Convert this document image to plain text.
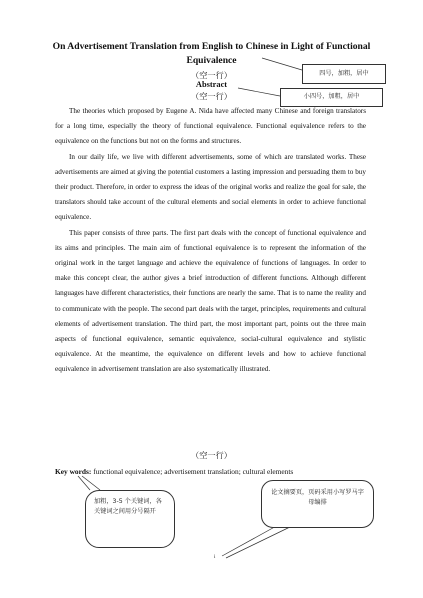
On Advertisement Translation from English to Chinese in Light of Functional Equivalence
（空一行）
Abstract
（空一行）

The theories which proposed by Eugene A. Nida have affected many Chinese and foreign translators for a long time, especially the theory of functional equivalence. Functional equivalence refers to the equivalence on the functions but not on the forms and structures.

In our daily life, we live with different advertisements, some of which are translated works. These advertisements are aimed at giving the potential customers a lasting impression and persuading them to buy their product. Therefore, in order to express the ideas of the original works and realize the goal for sale, the translators should take account of the cultural elements and social elements in order to achieve functional equivalence.

This paper consists of three parts. The first part deals with the concept of functional equivalence and its aims and principles. The main aim of functional equivalence is to represent the information of the original work in the target language and achieve the equivalence of functions of languages. In order to make this concept clear, the author gives a brief introduction of different functions. Although different languages have different characteristics, their functions are nearly the same. That is to name the reality and to communicate with the people. The second part deals with the target, principles, requirements and cultural elements of advertisement translation. The third part, the most important part, points out the three main aspects of functional equivalence, semantic equivalence, social-cultural equivalence and stylistic equivalence. At the meantime, the equivalence on different levels and how to achieve functional equivalence in advertisement translation are also systematically illustrated.

（空一行）
Key words: functional equivalence; advertisement translation; cultural elements
四号，加粗，居中
小四号，加粗，居中
加粗，3-5 个关键词，各关键词之间用分号隔开
论文摘要页，页码采用小写罗马字母编排
i
